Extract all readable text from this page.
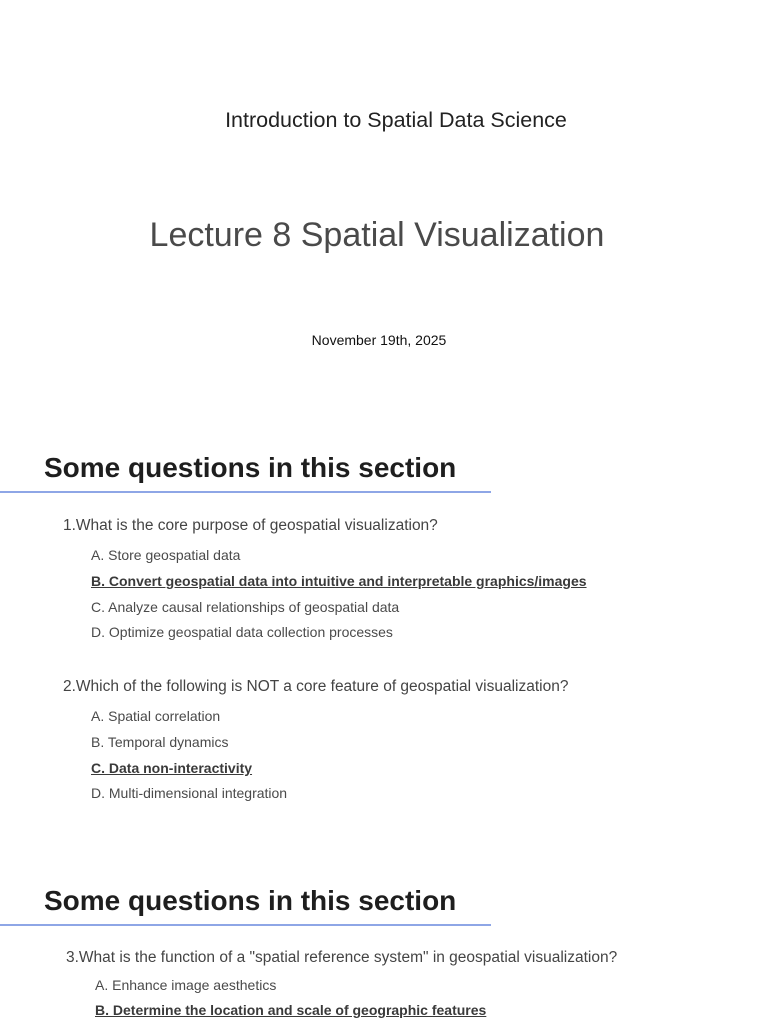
Introduction to Spatial Data Science
Lecture 8 Spatial Visualization
November 19th, 2025
Some questions in this section
1.What is the core purpose of geospatial visualization?
A. Store geospatial data
B. Convert geospatial data into intuitive and interpretable graphics/images
C. Analyze causal relationships of geospatial data
D. Optimize geospatial data collection processes
2.Which of the following is NOT a core feature of geospatial visualization?
A. Spatial correlation
B. Temporal dynamics
C. Data non-interactivity
D. Multi-dimensional integration
Some questions in this section
3.What is the function of a "spatial reference system" in geospatial visualization?
A. Enhance image aesthetics
B. Determine the location and scale of geographic features
